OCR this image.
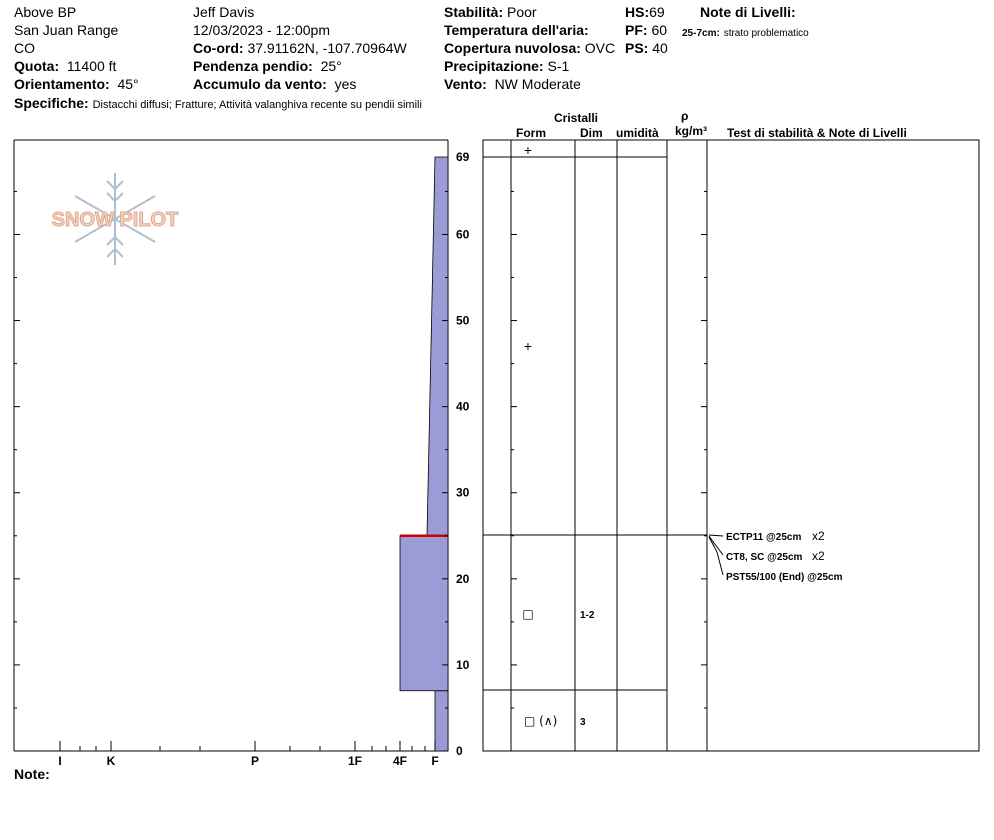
Above BP
San Juan Range
CO
Quota: 11400 ft
Orientamento: 45°
Specifiche: Distacchi diffusi; Fratture; Attività valanghiva recente su pendii simili
Jeff Davis
12/03/2023 - 12:00pm
Co-ord: 37.91162N, -107.70964W
Pendenza pendio: 25°
Accumulo da vento: yes
Stabilità: Poor
Temperatura dell'aria:
Copertura nuvolosa: OVC
Precipitazione: S-1
Vento: NW Moderate
HS:69
PF: 60
PS: 40
Note di Livelli:
25-7cm: strato problematico
Cristalli
Form	Dim umidità
ρ
kg/m³ Test di stabilità & Note di Livelli
Note:
SNOW PILOT
0
10
20
30
40
50
60
69
I	K	P	1F	4F F
+
+
□	1-2
□ (∧) 3
ECTP11 @25cm x2
CT8, SC @25cm x2
PST55/100 (End) @25cm
